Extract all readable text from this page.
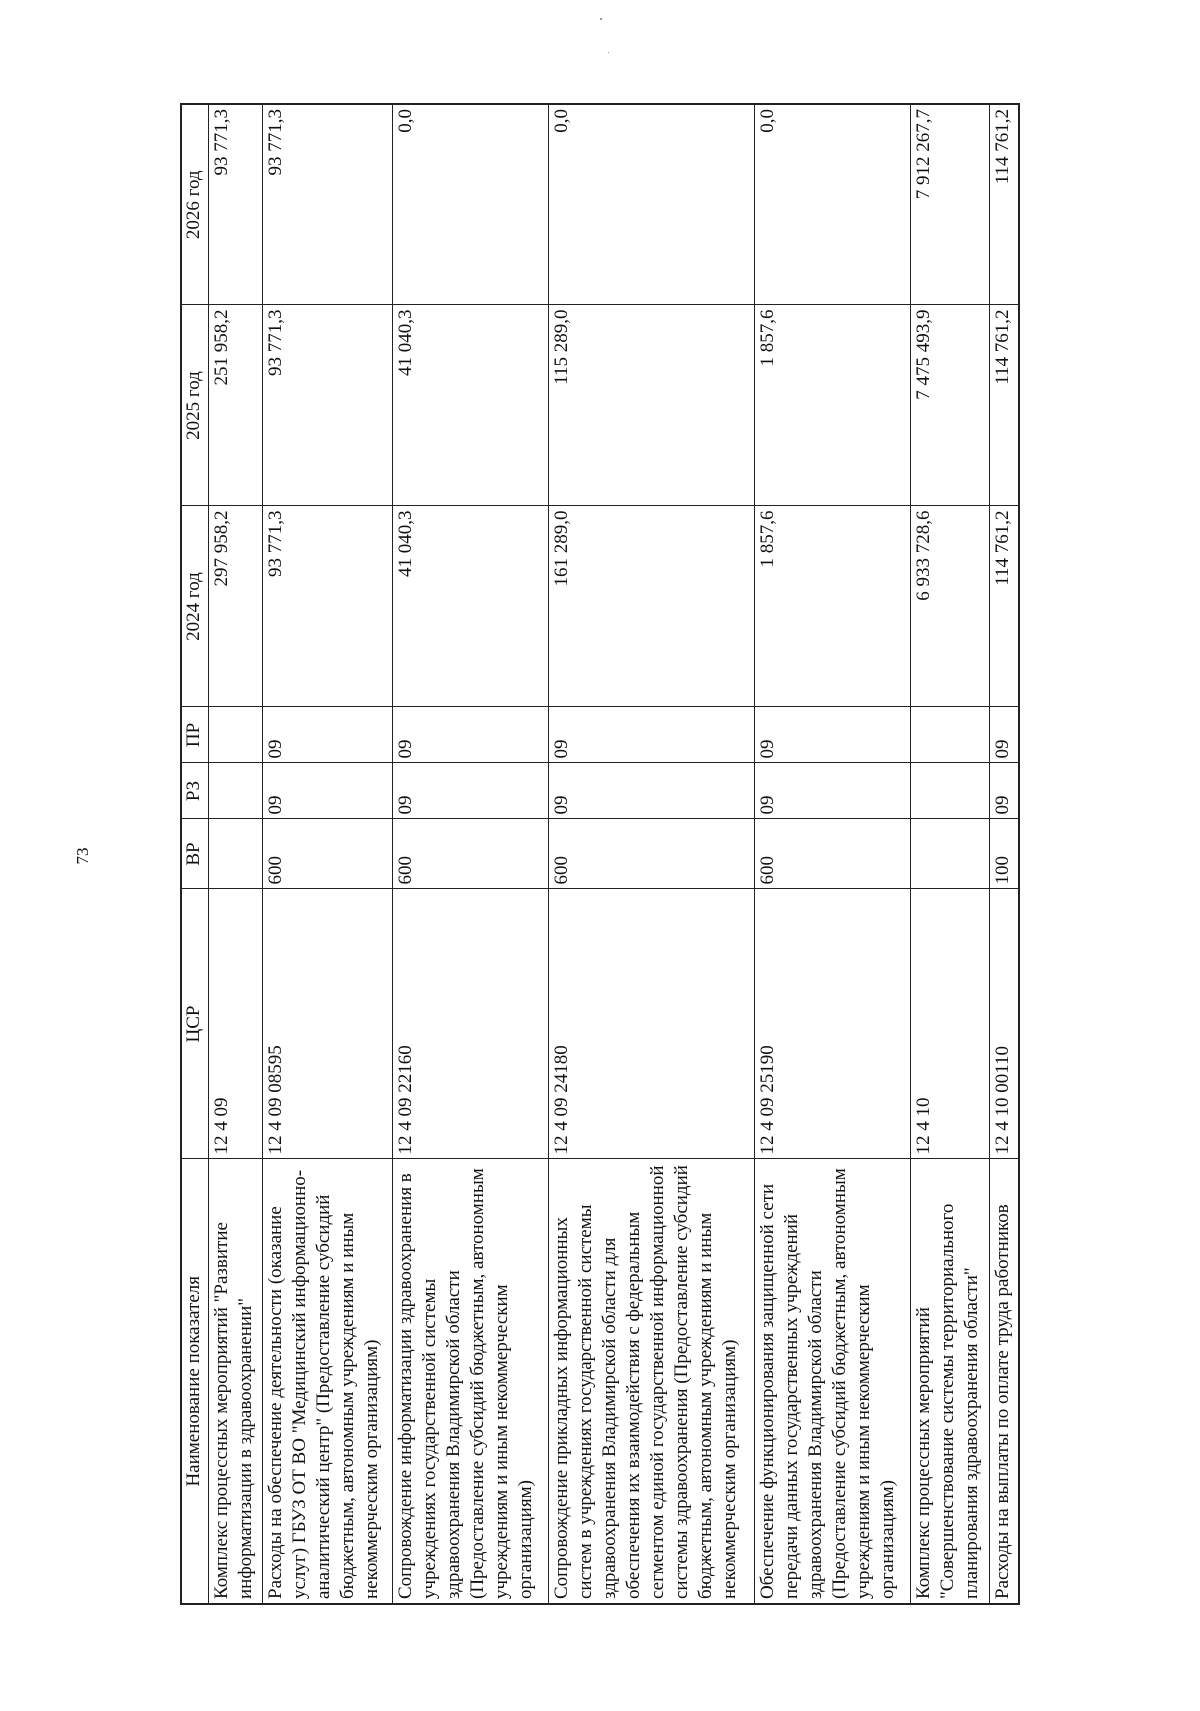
73
Наименование показателя	ЦСР	ВР	РЗ	ПР	2024 год	2025 год	2026 год
Комплекс процессных мероприятий "Развитие информатизации в здравоохранении"	12 4 09				297 958,2	251 958,2	93 771,3
Расходы на обеспечение деятельности (оказание услуг) ГБУЗ ОТ ВО "Медицинский информационно-аналитический центр" (Предоставление субсидий бюджетным, автономным учреждениям и иным некоммерческим организациям)	12 4 09 08595	600	09	09	93 771,3	93 771,3	93 771,3
Сопровождение информатизации здравоохранения в учреждениях государственной системы здравоохранения Владимирской области (Предоставление субсидий бюджетным, автономным учреждениям и иным некоммерческим организациям)	12 4 09 22160	600	09	09	41 040,3	41 040,3	0,0
Сопровождение прикладных информационных систем в учреждениях государственной системы здравоохранения Владимирской области для обеспечения их взаимодействия с федеральным сегментом единой государственной информационной системы здравоохранения (Предоставление субсидий бюджетным, автономным учреждениям и иным некоммерческим организациям)	12 4 09 24180	600	09	09	161 289,0	115 289,0	0,0
Обеспечение функционирования защищенной сети передачи данных государственных учреждений здравоохранения Владимирской области (Предоставление субсидий бюджетным, автономным учреждениям и иным некоммерческим организациям)	12 4 09 25190	600	09	09	1 857,6	1 857,6	0,0
Комплекс процессных мероприятий "Совершенствование системы территориального планирования здравоохранения области"	12 4 10				6 933 728,6	7 475 493,9	7 912 267,7
Расходы на выплаты по оплате труда работников	12 4 10 00110	100	09	09	114 761,2	114 761,2	114 761,2
